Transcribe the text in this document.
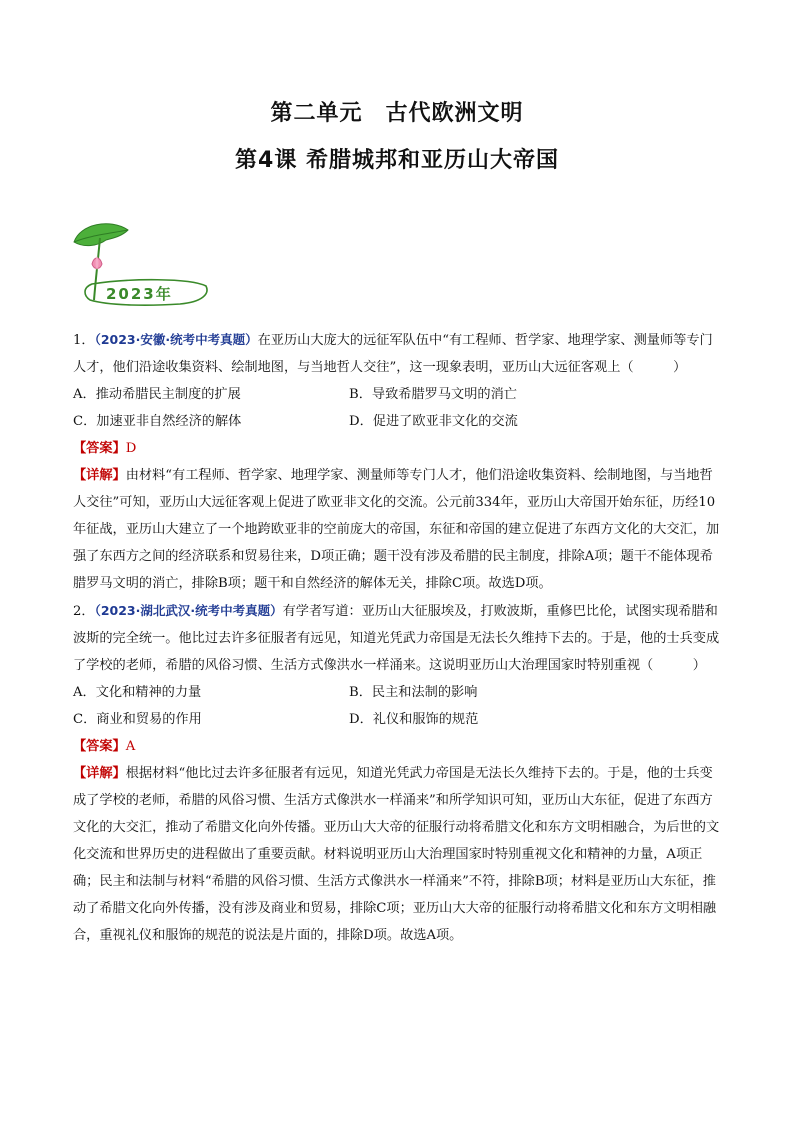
第二单元　古代欧洲文明
第4课 希腊城邦和亚历山大帝国
2023年

1．（2023·安徽·统考中考真题）在亚历山大庞大的远征军队伍中“有工程师、哲学家、地理学家、测量师等专门人才，他们沿途收集资料、绘制地图，与当地哲人交往”，这一现象表明，亚历山大远征客观上（　　　）

A．推动希腊民主制度的扩展	B．导致希腊罗马文明的消亡
C．加速亚非自然经济的解体	D．促进了欧亚非文化的交流

【答案】D

【详解】由材料“有工程师、哲学家、地理学家、测量师等专门人才，他们沿途收集资料、绘制地图，与当地哲人交往”可知，亚历山大远征客观上促进了欧亚非文化的交流。公元前334年，亚历山大帝国开始东征，历经10年征战，亚历山大建立了一个地跨欧亚非的空前庞大的帝国，东征和帝国的建立促进了东西方文化的大交汇，加强了东西方之间的经济联系和贸易往来，D项正确；题干没有涉及希腊的民主制度，排除A项；题干不能体现希腊罗马文明的消亡，排除B项；题干和自然经济的解体无关，排除C项。故选D项。

2．（2023·湖北武汉·统考中考真题）有学者写道：亚历山大征服埃及，打败波斯，重修巴比伦，试图实现希腊和波斯的完全统一。他比过去许多征服者有远见，知道光凭武力帝国是无法长久维持下去的。于是，他的士兵变成了学校的老师，希腊的风俗习惯、生活方式像洪水一样涌来。这说明亚历山大治理国家时特别重视（　　　）

A．文化和精神的力量	B．民主和法制的影响
C．商业和贸易的作用	D．礼仪和服饰的规范

【答案】A

【详解】根据材料“他比过去许多征服者有远见，知道光凭武力帝国是无法长久维持下去的。于是，他的士兵变成了学校的老师，希腊的风俗习惯、生活方式像洪水一样涌来”和所学知识可知，亚历山大东征，促进了东西方文化的大交汇，推动了希腊文化向外传播。亚历山大大帝的征服行动将希腊文化和东方文明相融合，为后世的文化交流和世界历史的进程做出了重要贡献。材料说明亚历山大治理国家时特别重视文化和精神的力量，A项正确；民主和法制与材料“希腊的风俗习惯、生活方式像洪水一样涌来”不符，排除B项；材料是亚历山大东征，推动了希腊文化向外传播，没有涉及商业和贸易，排除C项；亚历山大大帝的征服行动将希腊文化和东方文明相融合，重视礼仪和服饰的规范的说法是片面的，排除D项。故选A项。
